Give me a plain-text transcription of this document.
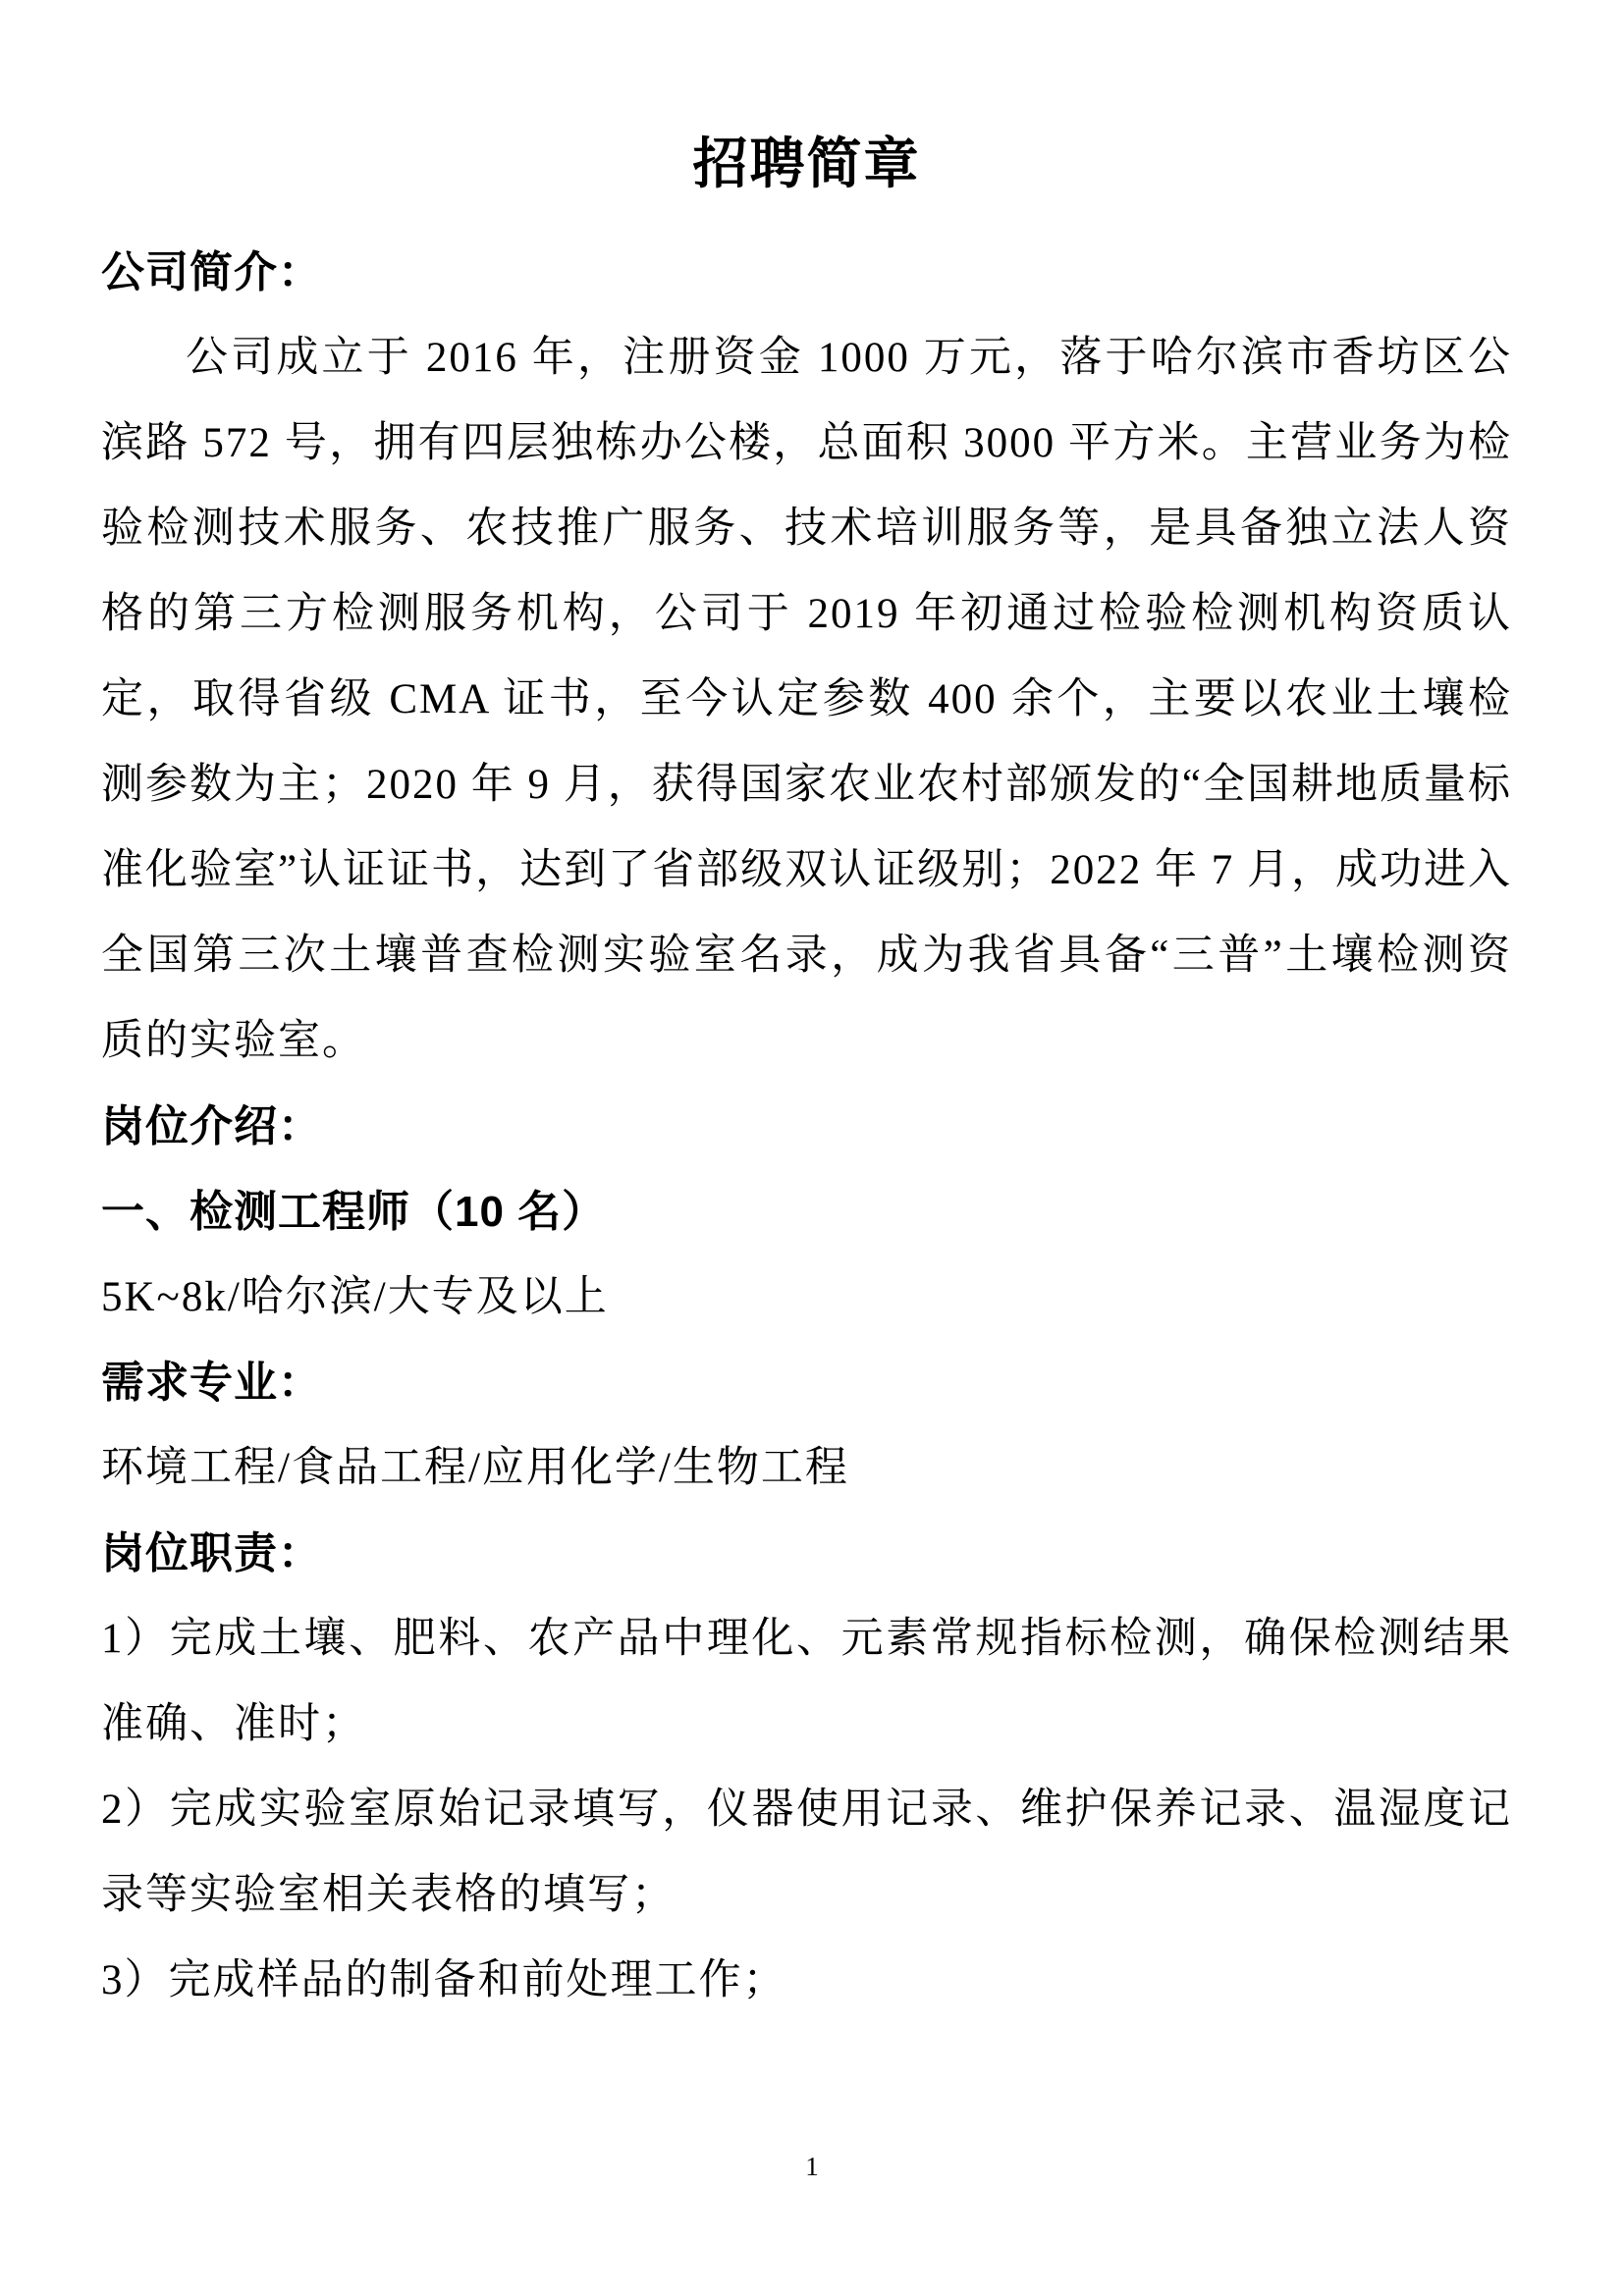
招聘简章
公司简介：

公司成立于 2016 年，注册资金 1000 万元，落于哈尔滨市香坊区公滨路 572 号，拥有四层独栋办公楼，总面积 3000 平方米。主营业务为检验检测技术服务、农技推广服务、技术培训服务等，是具备独立法人资格的第三方检测服务机构，公司于 2019 年初通过检验检测机构资质认定，取得省级 CMA 证书，至今认定参数 400 余个，主要以农业土壤检测参数为主；2020 年 9 月，获得国家农业农村部颁发的“全国耕地质量标准化验室”认证证书，达到了省部级双认证级别；2022 年 7 月，成功进入全国第三次土壤普查检测实验室名录，成为我省具备“三普”土壤检测资质的实验室。

岗位介绍：
一、检测工程师（10 名）

5K~8k/哈尔滨/大专及以上

需求专业：

环境工程/食品工程/应用化学/生物工程

岗位职责：

1）完成土壤、肥料、农产品中理化、元素常规指标检测，确保检测结果准确、准时；

2）完成实验室原始记录填写，仪器使用记录、维护保养记录、温湿度记录等实验室相关表格的填写；

3）完成样品的制备和前处理工作；

1
